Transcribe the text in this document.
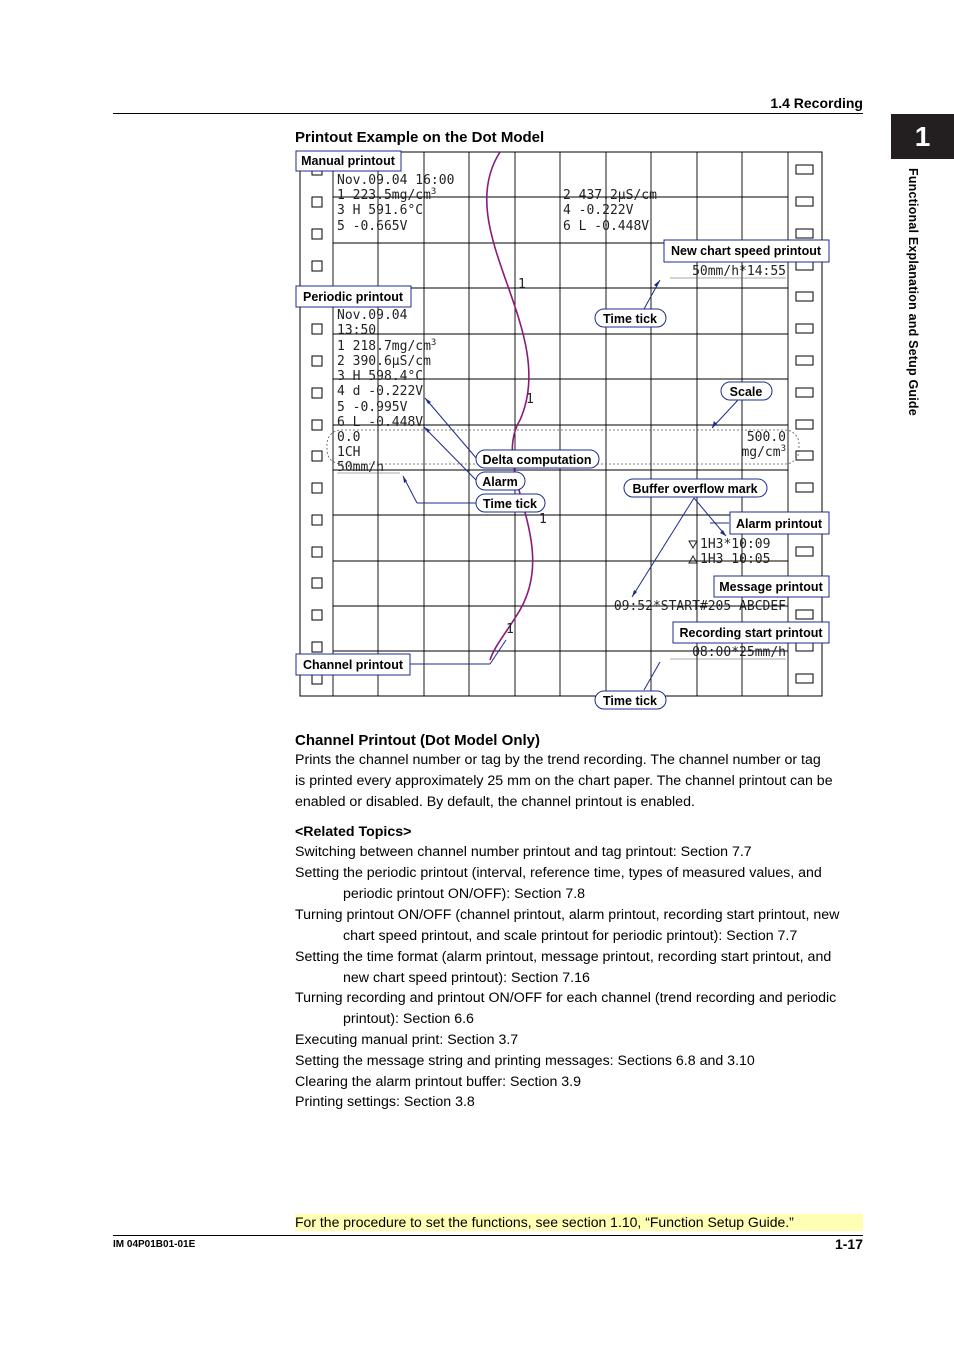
1.4 Recording
1
Functional Explanation and Setup Guide
Printout Example on the Dot Model
1
1
1
1
Nov.09.04 16:00
1 $223.5mg/cm^3$	2 437.2µS/cm
3 H 591.6°C	4 -0.222V
5 -0.665V	6 L -0.448V
50mm/h*14:55
Nov.09.04
13:50
1 $218.7mg/cm^3$
2 390.6µS/cm
3 H 598.4°C
4 d -0.222V
5 -0.995V
6 L -0.448V
0.0
1CH
50mm/h
500.0
$mg/cm^3$
1H3*10:09
1H3 10:05
09:52*START#205 ABCDEF
08:00*25mm/h
Manual printout
Periodic printout
New chart speed printout
Alarm printout
Message printout
Recording start printout
Channel printout
Time tick
Scale
Delta computation
Alarm	Buffer overflow mark
Time tick
Time tick
Channel Printout (Dot Model Only)
Prints the channel number or tag by the trend recording. The channel number or tag
is printed every approximately 25 mm on the chart paper. The channel printout can be
enabled or disabled. By default, the channel printout is enabled.
<Related Topics>
Switching between channel number printout and tag printout: Section 7.7
Setting the periodic printout (interval, reference time, types of measured values, and
periodic printout ON/OFF): Section 7.8
Turning printout ON/OFF (channel printout, alarm printout, recording start printout, new
chart speed printout, and scale printout for periodic printout): Section 7.7
Setting the time format (alarm printout, message printout, recording start printout, and
new chart speed printout): Section 7.16
Turning recording and printout ON/OFF for each channel (trend recording and periodic
printout): Section 6.6
Executing manual print: Section 3.7
Setting the message string and printing messages: Sections 6.8 and 3.10
Clearing the alarm printout buffer: Section 3.9
Printing settings: Section 3.8
For the procedure to set the functions, see section 1.10, “Function Setup Guide.”
IM 04P01B01-01E	1-17
